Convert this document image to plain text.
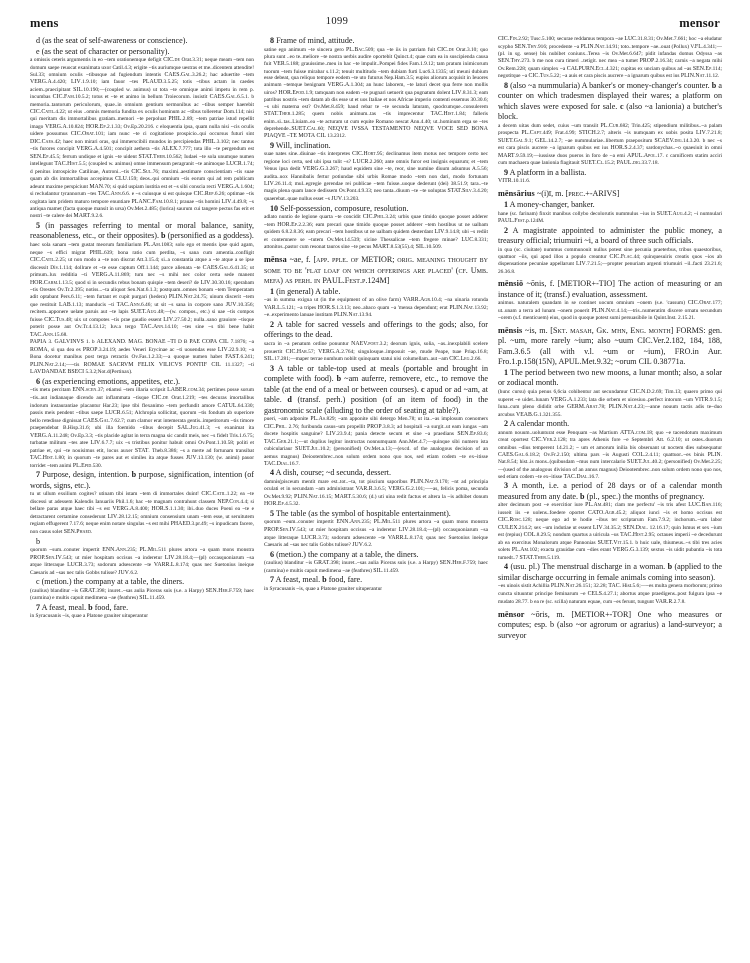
mens	1099	mensor

d (as the seat of self-awareness or conscience).

e (as the seat of character or personality).

a omissis ceteris argumentis in eo ~tem orationemque defigit CIC.de Orat.3.31; neque meam ~tem non domum saepe reuocat exanimata uxor Catil.4.3; erigite ~tis auriumque uestras et me..dicentem attendite! Sul.33; omnium oculis ~tibusque ad fugiendum intentis CAES.Gal.3.26.2; hac aduertite ~tem VERG.A.4.420; LIV.1.9.10; iam fauor ~tes PLAUD.3.5.25; totis ~tibus actam in caedes aciem..praecipitant SIL.10.190;—(coupled w. animus) ut tota ~te omnique animi impetu in rem p. incumbas CIC.Fam.10.5.2; totus et ~te et animo in bellum Troiecorum. insistit CAES.Gal.6.5.1. b memoria..tantorum periculorum, quae..in omnium gentium sermonibus ac ~tibus semper haerebit CIC.Catil.4.22; ut eius ..omnis memoria fundita ex oculis hominum ac ~tibus tolleretur Dom.114; nisi qui meritam dis immortalibus gratiam..memori ~te perpoluat PHIL.2.89; ~tem patriae istud repellit imago VERG.A.10.824; HOR.Ep.2.1.33; Ov.Ep.20.216. c eloquentia ipsa, quam nulla nisi ~cis oculis uidere possumus CIC.Orat.101; iam nunc ~te ci cogitatione prospicio..qui occursus futuri sint DIC.Caes.42; haec non mirari oras, qui immerscibili mundos in percipiendas PHIL.3.102; nec tantus ~tis furores concipit VERG.A.4.501; concipit aethera ~tis ALEX.7.777; tota illo ~te pergendum est SEN.Ep.45.5; ferrum undique et ignis ~te uident STAT.Theb.10.562; Iudaei ~te sola unumque numen intellegunt TAC.Hist.5.5; (coupled w. animus) omne immensum peragranit ~te animoque LUCR.1.74; d penitus introspicite Catilinae, Autroni..~tis CIC.Sul.76; maximi..aestimare conscientiam ~tis suae quam ab dis immortalibus accepimus CLU.159; deos..qui omnium ~tis eorum qui ad rem publicam adeunt maxime perspiciunt MAN.70; si quid uspiam iustitia est et ~s sibi conscia recti VERG.A.1.604; si recludantur tyrannorum ~tes TAC.Ann.6.6. e ~s cuiusque si est quisque CIC.Rep.6.26; optimae ~tis cogitata iam pridem maturo tempore enuntiare PLANC.Fam.10.8.1; prauae ~tis homini LIV.4.49.8; ~s antiqua mamet (facta quoque mansit in ursa) Ov.Met.2.485; (lorica) saurum cui tangere pectus fas erit et nostri ~te calere dei MART.9.2.6.

5 (in passages referring to mental or moral balance, sanity, reasonableness, etc., or their opposites). b (personified as a goddess).

haec sola sanam ~tem gustat meorum familiarium PL.Am.1083; solo ego et mentis ipse quid agam, neque ~s effici migrat PHIL.639; bona ratio cum perdita, ~s sana cum amentia..confligit CIC.Catil.2.25; ut non modo a ~te non discrat Att.3.15.4; si..a constantia atque a ~te atque a se ipse discessit Div.1.114; dollrare et ~te esse captum Off.1.144; parce alienata ~te CAES.Gal.6.41.35; ut primum..lux redditia ~ti VERG.A.11.869; tum nec ~s mihi nec color certa sede manent HOR.Carm.1.13.5; quod si in secundis rebus bonam quispie ~tem deseri? de LIV.30.30.16; sperabam ~tis Orestes Ov.Tr.2.395; notiss...~ta aliquot Sen.Nat.6.1.3; postquam..omnes bonam ~tem Temperatam adit optabant Pers.6.11; ~tem furtant et cupit purgari (hedera) PLIN.Nat.24.75; uinum discerit ~tem que restituit LAB.1.13; manducis ~ti TAC.Ann.6.46; ut sit ~s sana in corpore sano JUV.10.356; recitem..apponere uelate paruis aut ~te lapis SUET.Aug.48;—(w. compos., etc.) si uae ~tis compos fuisse CIC.Tus.48; uix ut compotes ~tis prae gaudio essent LIV.27.50.2; nulla..sano grauiore ~tisque poterit posse aut Ov.Tr.4.13.12; Iuv.a tergo TAC.Ann.14.10; ~tes sine ~s tibi bene habit TAC.Ann.15.68.

PAPIA 3. GALVINVS 1. b ALEXAND. MAG. BONAE ~TI D B PAE COPA CIL 7.1876; ~a ROMA, si qua dea es PROP.3.24.19; aedes Veneri Erycinae ac ~ti uouendas esse LIV.22.9.10; ~a Bona docetur manibus post terga retractis Ov.Fas.1.2.33;—a quoque numen habet FAST.6.241; PLIN.Nat.2.14;—~tis ROMAE SACRVM FELIX VILICVS PONTIF CIL 11.1327; ~ti LAVDANDAE BSECI 5.3.2;Not.d(Pertinax).

6 (as experiencing emotions, appetites, etc.).

~tis metu percitam ENN.scen.37; etiamsi ~tem illaria scripsit LABER.com.34; pertimes posse sorum ~tis..aut indianaque dicendo aut inflammata ~tisque CIC.de Orat.1.219; ~tes decuras imortalibus indorum instaurantiae placantur Har.23; ipse tibi flexanimo ~tem perfundit amore CATUL.64.330; passis meis pendent ~tibus saepe LUCR.6.51; Alchropia sollicitat, quorum ~tis fondum ab superiore bello retedisse dignissat CAES.Gal.7.62.7; cum clamor erat intemerata gentis..impetitorum ~tis timore praependebat B.Hisp.31.6; ubi illa foemido ~tibus decepit SAL.Jug.41.3; ~s exanimat ita VERG.A.11.248; Ov.Ep.3.3; ~tis placide agitat in terra magna sic candit meis, nec ~s fidelt Tris.1.6.75; turbatae militum ~tes atee LIV.6.7.7; uix ~s tristibus ponitur habuit omni Ov.Pont.1.10.58; politi et patriae et, qui ~te nouisimus etit, locus auxer STAT. Theb.8.386; ~s a merte ad fortunam transibat TAC.Hist.1.80; in quorum ~te pares aut et similes ita atque fusses JUV.13.130; (w. animi) pauor torridet ~tem animi PL.Epid.530.

7 Purpose, design, intention. b purpose, signification, intention (of words, signs, etc.).

tu ut ullum exsilium cogites? utinam tibi istam ~tem di immortales duint! CIC.Catil.1.22; ea ~te discessi ut adessem Kalendis Ianuariis Phil.1.6; hac ~te magnam contrahunt classem NEP.Con.4.4; si bellare paras atque haec tibi ~s est VERG.A.8.400; HOR.S.1.1.30; ibi..duo duces Poeni ea ~te e detractarent certamine consederunt LIV.28.12.15; omnium consensium unam ~tem esse, ut seruitutem regiam effugerent 7.17.6; neque enim notare singulas ~s est mihi PHAED.3.pr.49; ~s inpudicam facere, non casus solet SEN.Phaed.

b

quorum ~sum..conuter impertit ENN.Ann.235; PL.Mil.511 plures artora ~a quam mons monstra PROP.Sen.IV.543; ut mier hospitam occisus ~a inderetur LIV.28.18.4;—(pl) occasquoniarum ~sa atque litteraque LUCR.3.73; sodorum adsescente ~te VARR.L.8.174; quas nec Suetonius ineique Caesaris ad ~sas nec talis Gobbs tulisse? JUV.6.2.

c (metion.) the company at a table, the diners.

(caulius) blanditur ~is GRAT.398; inuret..~sas aulia Piceras suis (s.e. a Harpy) SEN.Her.F.759; haec (carmina) e multis capuit medimena ~ae (feathres) SIL.11.459.

7 A feast, meal. b food, fare.

in Syracusanis ~is, quae a Platone grauiter uituperantur

8 Frame of mind, attitude.

satine ego animum ~te sincera gero PL.Bac.509; qua ~te iis in patriam fuit CIC.de Orat.3.10; quo plura sunt ..eo te..meliore ~te nostra uerbis audire oportebit Quinct.4; quae cum ea in suscipienda causa fuit VER.5.188; grauissime..meu in hac ~te impulit..Pompei fides Fam.1.9.12; tam pratum inimicorum tuorum ~tem fuisse mirabar s.11.2; tenuit multitudo ~tem dubiam furti Luc6.3.1335; uti meuni dubium esse debeat, qua reliquo tempore eodem ~te uto futurus Nep.Ham.3.5; eupiss aliorum acquisit in Ieuores animum ~temque benignam VERG.A.1.304; an hunc laborem, ~te laturi decet qua ferre non mollis uiros? HOR.Epod.1.9; tamquam non eadem ~te pugnari uetuerit qua pugnatum dolent LIV.8.31.3; eam patribus nostris ~tem datam ab dis esse ut et uos Italiae et nos Africae imperio contenti essemus 30.30.6; ~s ubi materna est? Ov.Met.8.459; haud rebar te ~te secunda laturam, quodcumque..consulerem STAT.Theb.1.285; quem nobis animum..tas ~tis imprecentur TAC.Hist.1.84; falleris enim..si..tas..Liuiam..ea ~te acturam ut cum equite Romano nescat Ann.4.40; ut..hominum erga se ~tes deprehende..SUET.Cal.60; NEQVE IVSSA TESTAMENTO NEQVE VOCE SED BONA PIAQVE ~TE MOTA CIL 13.2312.

9 Will, inclination.

suae nates sine..diuinae ~tis interpretes CIC.Hort.95; declinamus item motus nec tempore certo nec regione loci certa, sed ubi ipsa tulit ~s? LUCR.2.260; ante omnis furor est insignis equarum; et ~tem Venus ipsa dedit VERG.G.3.267; haud equidem sine ~te, reor, sine numine diuum adsumus A.5.56; audita..uox Hannibalis fertur potiundae sibi urbis Romae modo ~tem non dari, modo fortunam LIV.26.11.4; mul..egregie gerendae rei publicae ~tem fuisse..uoque dederunt (dei) 38.51.9; tara..~te magis plena quam lance dedissem Ov.Pont.4.9.33; neo tanta..diuum ~te ~te uoluptas STAT.Silv.3.4.20; quaerebat..quae nullus esset ~s JUV.13.203.

10 Self-possession, composure, resolution.

adlato nuntio de legione quarta ~te concidit CIC.Phil.3.24; urbis quae timido quoque posset adderer ~tem HOR.Ep.2.2.36; eam precari quae timido quoque posset adderer ~tem hostibus ut ne ualbam quidem 6.8.2.8.36; eam precari ~tem hostibus ut ne ualbam quidem desterdant LIV.9.14.8; ubi ~s rediit et contemnere se ~tutem Ov.Met.14.539; sicine Thessalicae ~tem fregere minae? LUC.8.331; attonitos..pastor cum resonat tauros sine ~te pecus MART.8.53(55).4; SIL.10.509.

mēnsa ~ae, f. [app. pple. of METIOR; orig. meaning thought by some to be 'flat loaf on which offerings are placed' (cf. Umb. mefa) as perh. in PAUL.Fest.p.124M]

1 (in general) A table.

~as in summa exigua ut (in the equipment of an olive farm) VARR.Agr.10.4; ~na uinaria rotunda VAR.L.5.121; ~a tripes HOR.S.1.3.13; neo..abaco quam ~a 'mensa dependunt; erat PLIN.Nat.13.92; ~e..experimento lanuae institam PLIN.Nat.13.94.

2 A table for sacred vessels and offerings to the gods; also, for offerings to the dead.

sacra in ~a penatum ordine ponuntur NAEV.poet.3.2; deorum ignis, solia, ~as..inexplabili scelere prouertit CIC.Har.57; VERG.A.2.764; singulosque..imposuit ~ae, mude Peape, tuae Priap.16.8; SIL.17.281;—maper terrae numhum nobilt quinquam statui nisi columellam..aut ~am CIC.Leg.2.66.

3 A table or table-top used at meals (portable and brought in complete with food). b ~am auferre, removere, etc., to remove the table (at the end of a meal or between courses). c apud or ad ~am, at table. d (transf. perh.) position (of an item of food) in the gastronomic scale (alluding to the order of seating at table?).

pueri, ~am adponite PL.As.829; ~am apponite sibi detergo Men.78; ut ita..~as implosum coenomers CIC.Phil. 2.76; furibunda casus~um propellit PROP.3.8.3; ad hospitali ~a surgit..ut eam iungas ~am docete hospitis sanguine? LIV.23.9.4; pania detecte secum et sine ~a praedians SEN.Ep.83.6; TAC.Ger.21.1;—ut duplius legitur instructas nonnumquam Ann.Met.4.7;—quinque sibi numero ista cubiculariaur SUET.Jul.10.2; (personified) Ov.Met.a.13;—(excd. of the analogous decision of an aemus magnus) Deiootembrec..non solum ordem nono quo nos, sed etiam codem ~te ex~itisse TAC.Dial.16.7.

4 A dish, course; ~d secunda, dessert.

damnis(pisceum mentit mare est..tot..~ta, tot piscium saporibus PLIN.Nat.9.170; ~nt ad principia oculati et in secundam ~am administrant VAR.R.3.6.5; VERG.G.2.101;—~as, felicis poma, secunda Ov.Met.9.92; PLIN.Nat.16.15; MART.5.30.6; (d.) uti uina redit factus et altera la ~is adhibet donum HOR.Ep.4.5.32.

5 The table (as the symbol of hospitable entertainment).

quorum ~eum..conuter impertit ENN.Ann.235; PL.Mil.511 plures artora ~a quam mons monstra PROP.Sen.IV.543; ut mier hospitam occisus ~a inderetur LIV.28.18.4;—(pl) occasquoniarum ~sa atque litteraque LUCR.3.73; sodorum adsescente ~te VARR.L.8.174; quas nec Suetonius ineique Caesaris ad ~sas nec talis Gobbs tulisse? JUV.6.2.

6 (metion.) the company at a table, the diners.

(caulius) blanditur ~is GRAT.398; inuret..~sas aulia Piceras suis (s.e. a Harpy) SEN.Her.F.759; haec (carmina) e multis capuit medimena ~ae (feathres) SIL.11.459.

7 A feast, meal. b food, fare.

in Syracusanis ~is, quae a Platone grauiter uituperantur

CIC.Fin.2.92; Tusc.5.100; securae reddamus tempora ~ae LUC.31.8.31; Ov.Met.7.661; hoc ~a eludatur scypho SEN.Thy.916; procedente ~a PLIN.Nat.14.91; toto..tempore ~ae..ouat (Pollux) V.FL.4.341;—(pl. in sg. sense) bis nubibet coniunx..Terea ~is Ov.Met.6.647; pidit infandas domus Odyssa ~as SEN.Thy.273. b me non cura timeri ..tetigit. nec mea ~a tumet PROP.2.16.34; carnis ~a negata mihi Ov.Rem.228; quam simplex ~a CALPURN.Ecl.4.321; cupitas ex unciam quibus ad ~as SEN.Ep.114; negotitque ~a CIC.Tus.5.22; ~a auis et cara piscis aucrere ~a ignarum quibus est ius PLIN.Nat.11.12.

8 (also ~a nummularia) A banker's or money-changer's counter. b a counter on which tradesmen displayed their wares; a platform on which slaves were exposed for sale. c (also ~a lanionia) a butcher's block.

a decem uitas dum sedet, cuius ~um transiit PL.Cur.682; Trin.425; stipendium militibus..~a palam prospecta PL.Capt.449; Frat.4.99; STICH.2.7; alteris ~is numquam ex uobis posita LIV.7.21.8; SUET.Gal.9.1; GEL.14.2.7; ~ae nummulariae..libertum praepositum SCAEV.dig.14.3.20. b nec ~s est cara piscis aucrere ~a ignarum quibus est ius HOR.S.2.4.37; sardonychas..~o quaesiuit in omni MART.9.59.19;—iussisse duos pueros in foro de ~a emi APUL.Apol.17. c carnificem statim acciri cum machaera quae lanionia flagitauit SUET.Cl.15.2; PAUL.dig.33.7.18.

9 A platform in a ballista.

VITR.10.11.6.

mēnsārius ~(i)ī, m. [prec.+-ARIVS]

1 A money-changer, banker.

hane (sc. farinam) finxit manibus collybo decolorutis nummulus ~ius in SUET.Aug.4.2; ~i numnulari PAUL.Fest.p.124M.

2 A magistrate appointed to administer the public money, a treasury official; triumuiri ~i, a board of three such officials.

in qua (sc. ciuitate) nummus communouit nullus potest sine pecunia praeterbus, tribus quaestoribus, quattuor ~iis, qui apud illos a populo creantur CIC.Flac.44; quinquesuiris creatis quos ~ios ab dispensatione pecuniae appellarunt LIV.7.21.5;—propter penuriam argenti triumuiri ~il..facti 23.21.6; 26.36.8.

mēnsiō ~ōnis, f. [METIOR+-TIO] The action of measuring or an instance of it; (transf.) evaluation, assessment.

animus. naturalem quandam in se continet uocum omnium ~onem (s.e. 'cassum) CIC.Orat.177; ut..unam a terra ad lunam ~onem pouerit PLIN.Nat.4.14;—tris..numeratim discere ornatu secundum ~orem (s.f. menticuem) eius, quod in quoque potest sumi persuasibile in Quint.Inst. 2.15.21.

mēnsis ~is, m. [Skt. masah, Gk. μήν, Eng. month] FORMS: gen. pl. ~um, more rarely ~ium; also ~uum CIC.Ver.2.182, 184, 188, Fam.3.6.5 (all with v.l. ~um or ~ium), FRO.in Aur. Fro.1.p.158(15N), APUL.Met.9.32; ~orum CIL 0.38771a.

1 The period between two new moons, a lunar month; also, a solar or zodiacal month.

(hunc cursu) quia penus 6,6cia cohibentur aut secundamur CIC.N.D.2.69; Tim.13; quaero primo qui superet ~e uidet..lunam VERG.A.1.233; lata die orbem et uicesiuo..perfect intorum ~um VITR.9.1.5; Iuna..cum pleno dididit orbe GERM.Arat.78; PLIN.Nat.4.23;—anne nouum tactis adis te~duo arcubus VEAB.G.1.321.355.

2 A calendar month.

annum nouum..uolunturat esse Penquam ~as Martium ATTA.com.18; quo ~e tacendotum maximum creat oportest CIC.Ver.2.128; tra apres Athenis fore ~e Septembri Att. 6.2.10; ut ostes..duorum omnibus ~dius temperent 14.21.2; ~ um et amorum inilia bis obseruant ut noctem dies subsequatur CAES.Gal.6.18.2; Ov.Fr.2.150; ultima pars ~is Augusti COL.2.4.11; quattuor..~es binis PLIN. Nat.8.54; hist..is mons..(quibusdam ~mus num intercalario SUET.Jul.40.2; (personified) Ov.Met.2.25;—(used of the analogous division of an annus magnus) Deiootembrec..non solum ordem nono quo nos, sed etiam codem ~te ex~itisse TAC.Dial.16.7.

3 A month, i.e. a period of 28 days or of a calendar month measured from any date. b (pl., spec.) the months of pregnancy.

alter decimum post ~e exercitior iure PL.Am.481; clam me perfectu' ~is tris afest LUC.Ban.116; iusseit iis ~e uolens..foedere oportet CATO.Agr.45.2; aliquot iunci ~is et homo occisus est CIC.Rosc.128; neque ego ad te hodie ~ibus ter scriptarum Fam.7.9.2; inchorum..~um labor CULEX.214.2; sex ~um indutiae ut essent LIV.34.35.2; SEN.Dial. 12.16.17; quin Ismus et sex ~ium est (repius) COL.8.29.5; nondum quartus a uiricula ~us TAC.Hist.2.95; octaues imperii ~e decedurunt ab ea exercitus Monalorum atque Pannonias SUET.Vit.15.1. b huic uale, thiumeus..~s tibi tres acies solets PL.Am.102; exacta grauidae cum ~dies erant VERG.G.3.139; sextus ~is uidit pubantia ~is tota tumedt..7 STAT.Theb.5.119.

4 (usu. pl.) The menstrual discharge in a woman. b (applied to the similar discharge occurring in female animals coming into season).

~es uinois sistit Achillia PLIN.Nat.26.151; 32.28; TAC. Hist.5.6;—~es multa genera morborum; primo cuncta situuntur principe feminarum ~e CELS.4.27.1; abortus atque praedigens..post fulgura ipsa ~e mudato 28.77. b ea re (sc. scilla) naturam equae, cum ~es ferunt, tungunt VAR.R.2.7.8.

mēnsor ~ōris, m. [METIOR+-TOR] One who measures or computes; esp. b (also ~or agrorum or agrarius) a land-surveyor; a surveyor
